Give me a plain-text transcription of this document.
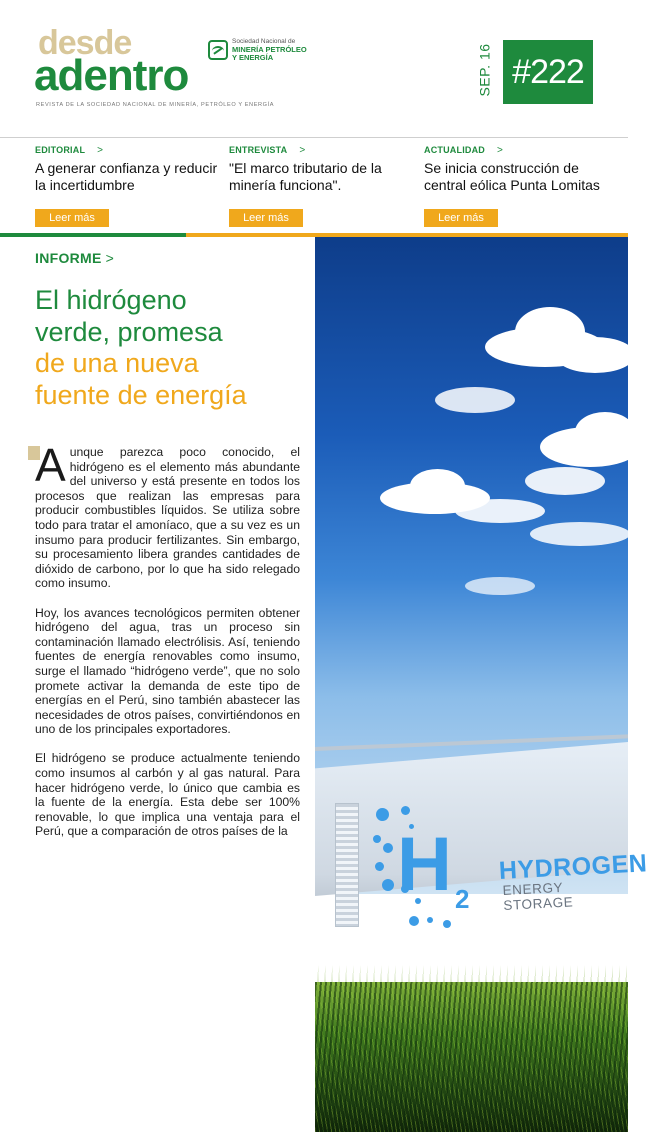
desde
adentro
Sociedad Nacional de
MINERÍA PETRÓLEO
Y ENERGÍA
REVISTA DE LA SOCIEDAD NACIONAL DE MINERÍA, PETRÓLEO Y ENERGÍA
SEP. 16 #222
EDITORIAL >
A generar confianza y reducir la incertidumbre
Leer más
ENTREVISTA >
"El marco tributario de la minería funciona".
Leer más
ACTUALIDAD >
Se inicia construcción de central eólica Punta Lomitas
Leer más
INFORME >
El hidrógeno
verde, promesa
de una nueva
fuente de energía

Aunque parezca poco conocido, el hidrógeno es el elemento más abundante del universo y está presente en todos los procesos que realizan las empresas para producir combustibles líquidos. Se utiliza sobre todo para tratar el amoníaco, que a su vez es un insumo para producir fertilizantes. Sin embargo, su procesamiento libera grandes cantidades de dióxido de carbono, por lo que ha sido relegado como insumo.

Hoy, los avances tecnológicos permiten obtener hidrógeno del agua, tras un proceso sin contaminación llamado electrólisis. Así, teniendo fuentes de energía renovables como insumo, surge el llamado “hidrógeno verde”, que no solo promete activar la demanda de este tipo de energías en el Perú, sino también abastecer las necesidades de otros países, convirtiéndonos en uno de los principales exportadores.

El hidrógeno se produce actualmente teniendo como insumos al carbón y al gas natural. Para hacer hidrógeno verde, lo único que cambia es la fuente de la energía. Esta debe ser 100% renovable, lo que implica una ventaja para el Perú, que a comparación de otros países de la H 2
HYDROGEN
ENERGY STORAGE
